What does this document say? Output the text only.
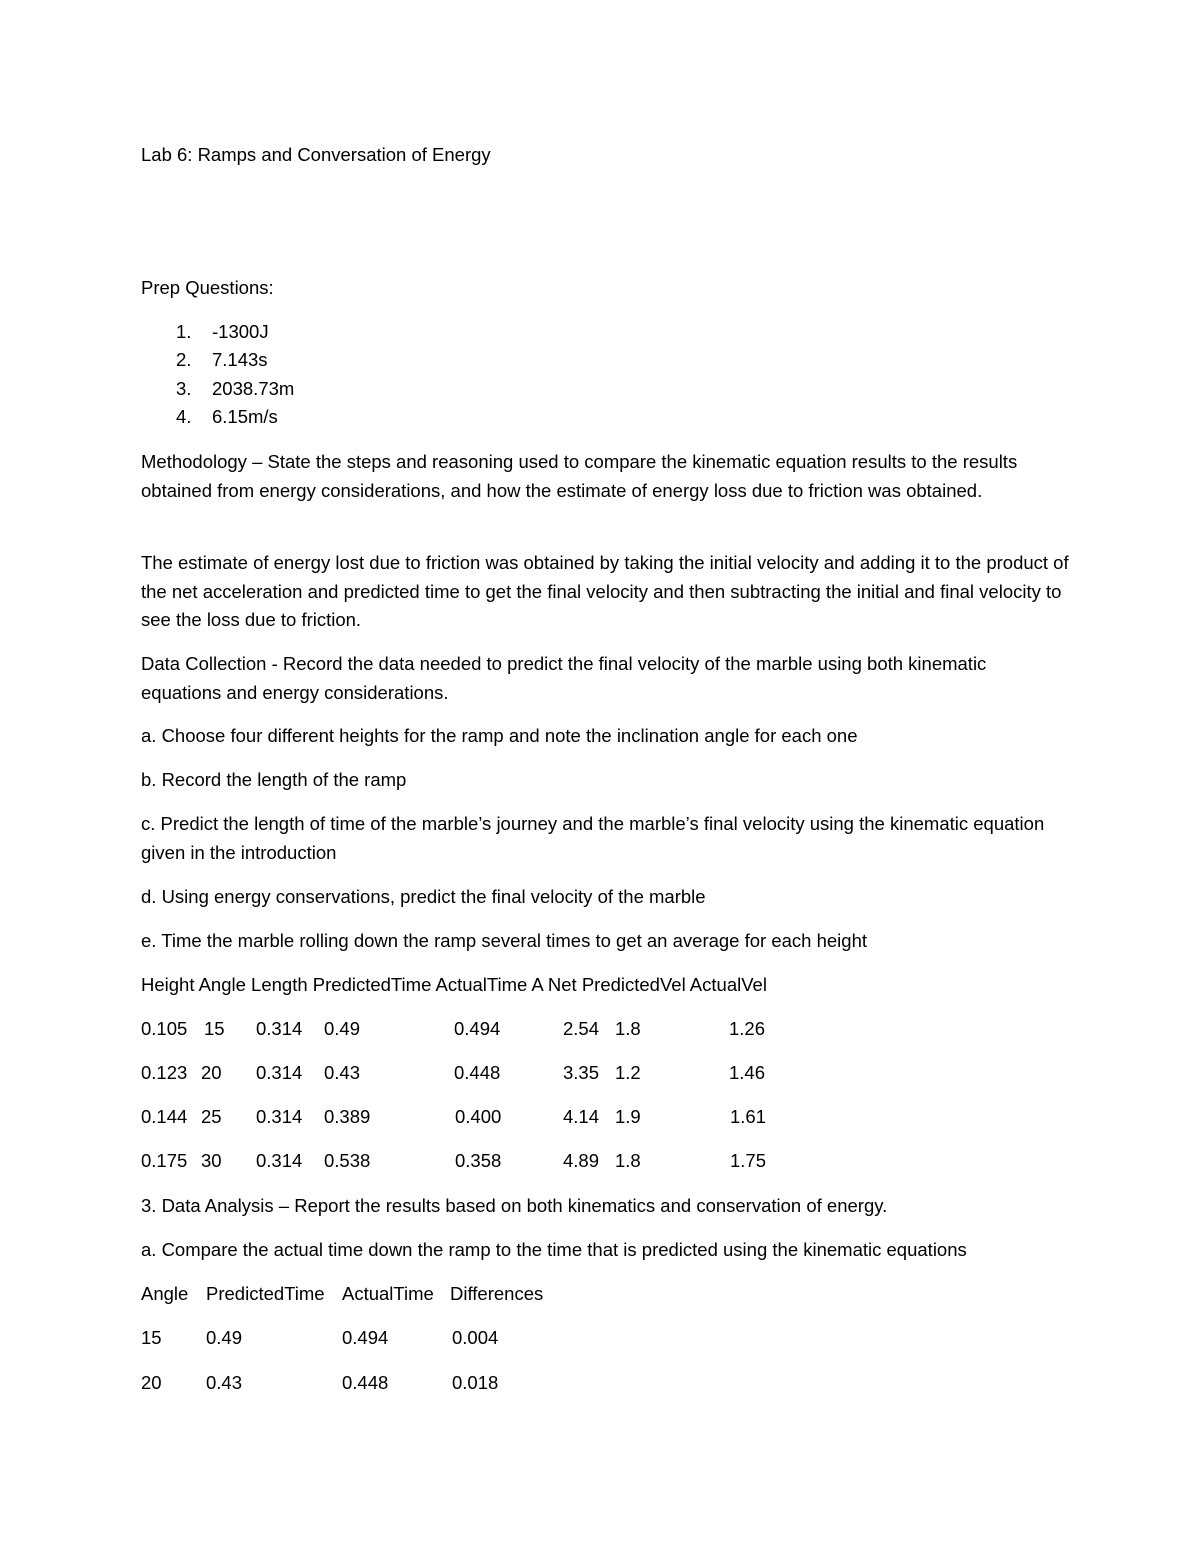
Lab 6: Ramps and Conversation of Energy
Prep Questions:
1.	-1300J
2.	7.143s
3.	2038.73m
4.	6.15m/s
Methodology – State the steps and reasoning used to compare the kinematic equation results to the results obtained from energy considerations, and how the estimate of energy loss due to friction was obtained.
The estimate of energy lost due to friction was obtained by taking the initial velocity and adding it to the product of the net acceleration and predicted time to get the final velocity and then subtracting the initial and final velocity to see the loss due to friction.
Data Collection - Record the data needed to predict the final velocity of the marble using both kinematic equations and energy considerations.
a. Choose four different heights for the ramp and note the inclination angle for each one
b. Record the length of the ramp
c. Predict the length of time of the marble’s journey and the marble’s final velocity using the kinematic equation given in the introduction
d. Using energy conservations, predict the final velocity of the marble
e. Time the marble rolling down the ramp several times to get an average for each height
Height Angle Length PredictedTime ActualTime A Net PredictedVel ActualVel
0.105 15 0.314 0.49	0.494	2.54 1.8	1.26
0.123 20 0.314 0.43	0.448	3.35 1.2	1.46
0.144 25 0.314 0.389	0.400	4.14 1.9	1.61
0.175 30 0.314 0.538	0.358	4.89 1.8	1.75
3. Data Analysis – Report the results based on both kinematics and conservation of energy.
a. Compare the actual time down the ramp to the time that is predicted using the kinematic equations
Angle PredictedTime ActualTime Differences
15 0.49	0.494	0.004
20 0.43	0.448	0.018
